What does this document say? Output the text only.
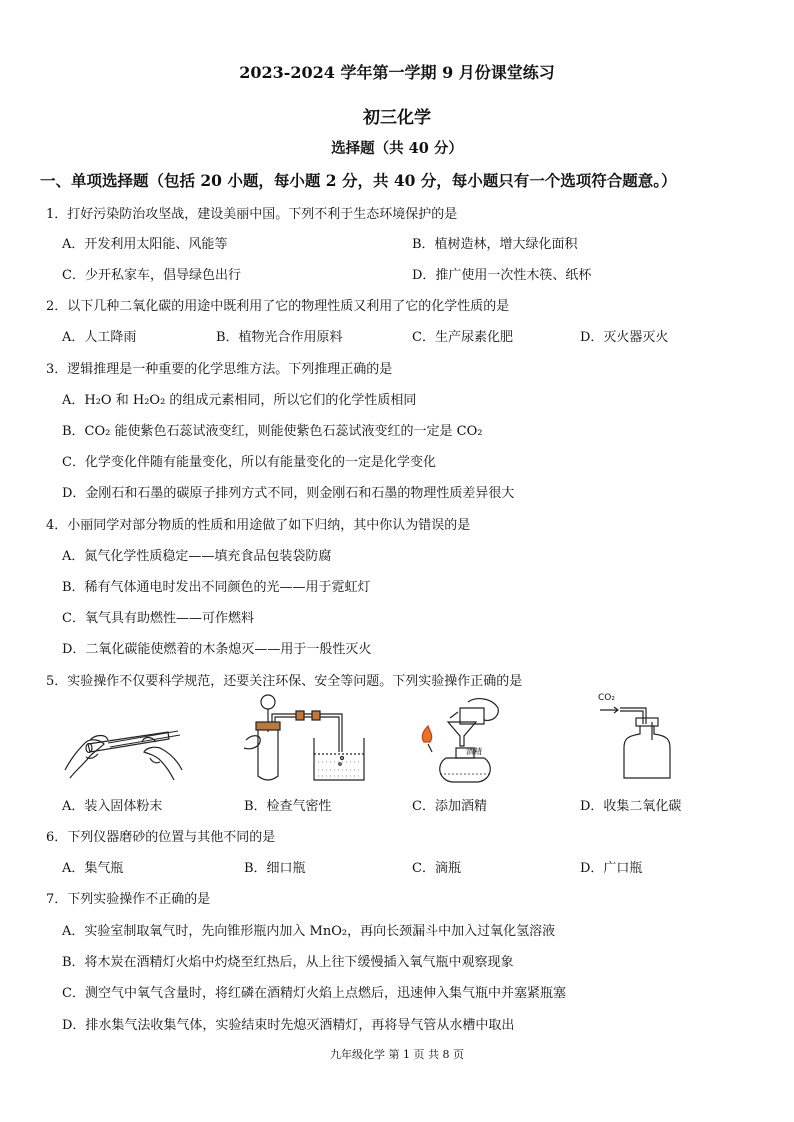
2023-2024 学年第一学期 9 月份课堂练习
初三化学
选择题（共 40 分）
一、单项选择题（包括 20 小题，每小题 2 分，共 40 分，每小题只有一个选项符合题意。）
1．打好污染防治攻坚战，建设美丽中国。下列不利于生态环境保护的是
A．开发利用太阳能、风能等	B．植树造林，增大绿化面积
C．少开私家车，倡导绿色出行	D．推广使用一次性木筷、纸杯
2．以下几种二氧化碳的用途中既利用了它的物理性质又利用了它的化学性质的是
A．人工降雨	B．植物光合作用原料	C．生产尿素化肥	D．灭火器灭火
3．逻辑推理是一种重要的化学思维方法。下列推理正确的是
A．H₂O 和 H₂O₂ 的组成元素相同，所以它们的化学性质相同
B．CO₂ 能使紫色石蕊试液变红，则能使紫色石蕊试液变红的一定是 CO₂
C．化学变化伴随有能量变化，所以有能量变化的一定是化学变化
D．金刚石和石墨的碳原子排列方式不同，则金刚石和石墨的物理性质差异很大
4．小丽同学对部分物质的性质和用途做了如下归纳，其中你认为错误的是
A．氮气化学性质稳定——填充食品包装袋防腐
B．稀有气体通电时发出不同颜色的光——用于霓虹灯
C．氧气具有助燃性——可作燃料
D．二氧化碳能使燃着的木条熄灭——用于一般性灭火
5．实验操作不仅要科学规范，还要关注环保、安全等问题。下列实验操作正确的是
酒精
CO₂
A．装入固体粉末	B．检查气密性	C．添加酒精	D．收集二氧化碳
6．下列仪器磨砂的位置与其他不同的是
A．集气瓶	B．细口瓶	C．滴瓶	D．广口瓶
7．下列实验操作不正确的是
A．实验室制取氧气时，先向锥形瓶内加入 MnO₂，再向长颈漏斗中加入过氧化氢溶液
B．将木炭在酒精灯火焰中灼烧至红热后，从上往下缓慢插入氧气瓶中观察现象
C．测空气中氧气含量时，将红磷在酒精灯火焰上点燃后，迅速伸入集气瓶中并塞紧瓶塞
D．排水集气法收集气体，实验结束时先熄灭酒精灯，再将导气管从水槽中取出
九年级化学 第 1 页 共 8 页
